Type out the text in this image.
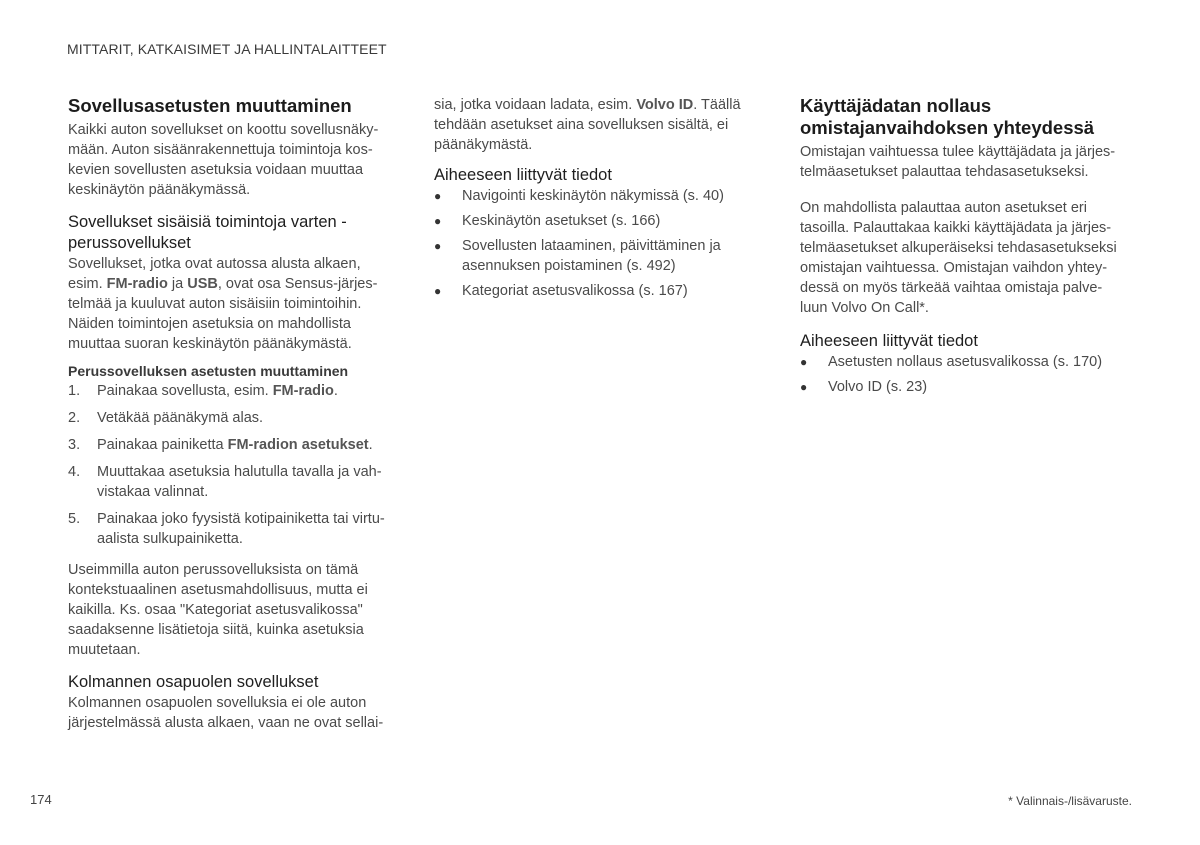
MITTARIT, KATKAISIMET JA HALLINTALAITTEET
Sovellusasetusten muuttaminen

Kaikki auton sovellukset on koottu sovellusnäky-
mään. Auton sisäänrakennettuja toimintoja kos-
kevien sovellusten asetuksia voidaan muuttaa
keskinäytön päänäkymässä.

Sovellukset sisäisiä toimintoja varten -
perussovellukset

Sovellukset, jotka ovat autossa alusta alkaen,
esim. FM-radio ja USB, ovat osa Sensus-järjes-
telmää ja kuuluvat auton sisäisiin toimintoihin.
Näiden toimintojen asetuksia on mahdollista
muuttaa suoran keskinäytön päänäkymästä.

Perussovelluksen asetusten muuttaminen
1.	Painakaa sovellusta, esim. FM-radio.
2.	Vetäkää päänäkymä alas.
3.	Painakaa painiketta FM-radion asetukset.
4.	Muuttakaa asetuksia halutulla tavalla ja vah-
vistakaa valinnat.
5.	Painakaa joko fyysistä kotipainiketta tai virtu-
aalista sulkupainiketta.

Useimmilla auton perussovelluksista on tämä
kontekstuaalinen asetusmahdollisuus, mutta ei
kaikilla. Ks. osaa "Kategoriat asetusvalikossa"
saadaksenne lisätietoja siitä, kuinka asetuksia
muutetaan.

Kolmannen osapuolen sovellukset

Kolmannen osapuolen sovelluksia ei ole auton
järjestelmässä alusta alkaen, vaan ne ovat sellai-

sia, jotka voidaan ladata, esim. Volvo ID. Täällä
tehdään asetukset aina sovelluksen sisältä, ei
päänäkymästä.

Aiheeseen liittyvät tiedot
●	Navigointi keskinäytön näkymissä (s. 40)
●	Keskinäytön asetukset (s. 166)
●	Sovellusten lataaminen, päivittäminen ja
asennuksen poistaminen (s. 492)
●	Kategoriat asetusvalikossa (s. 167)
Käyttäjädatan nollaus
omistajanvaihdoksen yhteydessä

Omistajan vaihtuessa tulee käyttäjädata ja järjes-
telmäasetukset palauttaa tehdasasetukseksi.

On mahdollista palauttaa auton asetukset eri
tasoilla. Palauttakaa kaikki käyttäjädata ja järjes-
telmäasetukset alkuperäiseksi tehdasasetukseksi
omistajan vaihtuessa. Omistajan vaihdon yhtey-
dessä on myös tärkeää vaihtaa omistaja palve-
luun Volvo On Call*.

Aiheeseen liittyvät tiedot
●	Asetusten nollaus asetusvalikossa (s. 170)
●	Volvo ID (s. 23)
174	* Valinnais-/lisävaruste.
